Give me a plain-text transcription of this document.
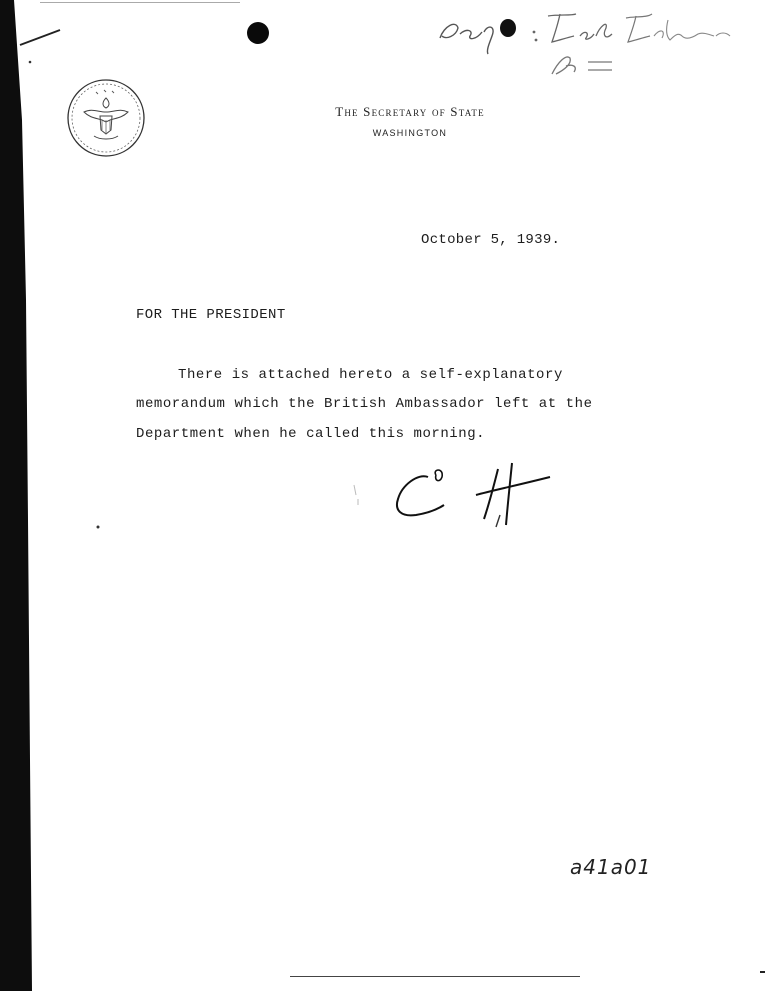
BF
The Secretary of State
WASHINGTON
October 5, 1939.
FOR THE PRESIDENT
There is attached hereto a self-explanatory
memorandum which the British Ambassador left at the
Department when he called this morning.
a41a01
